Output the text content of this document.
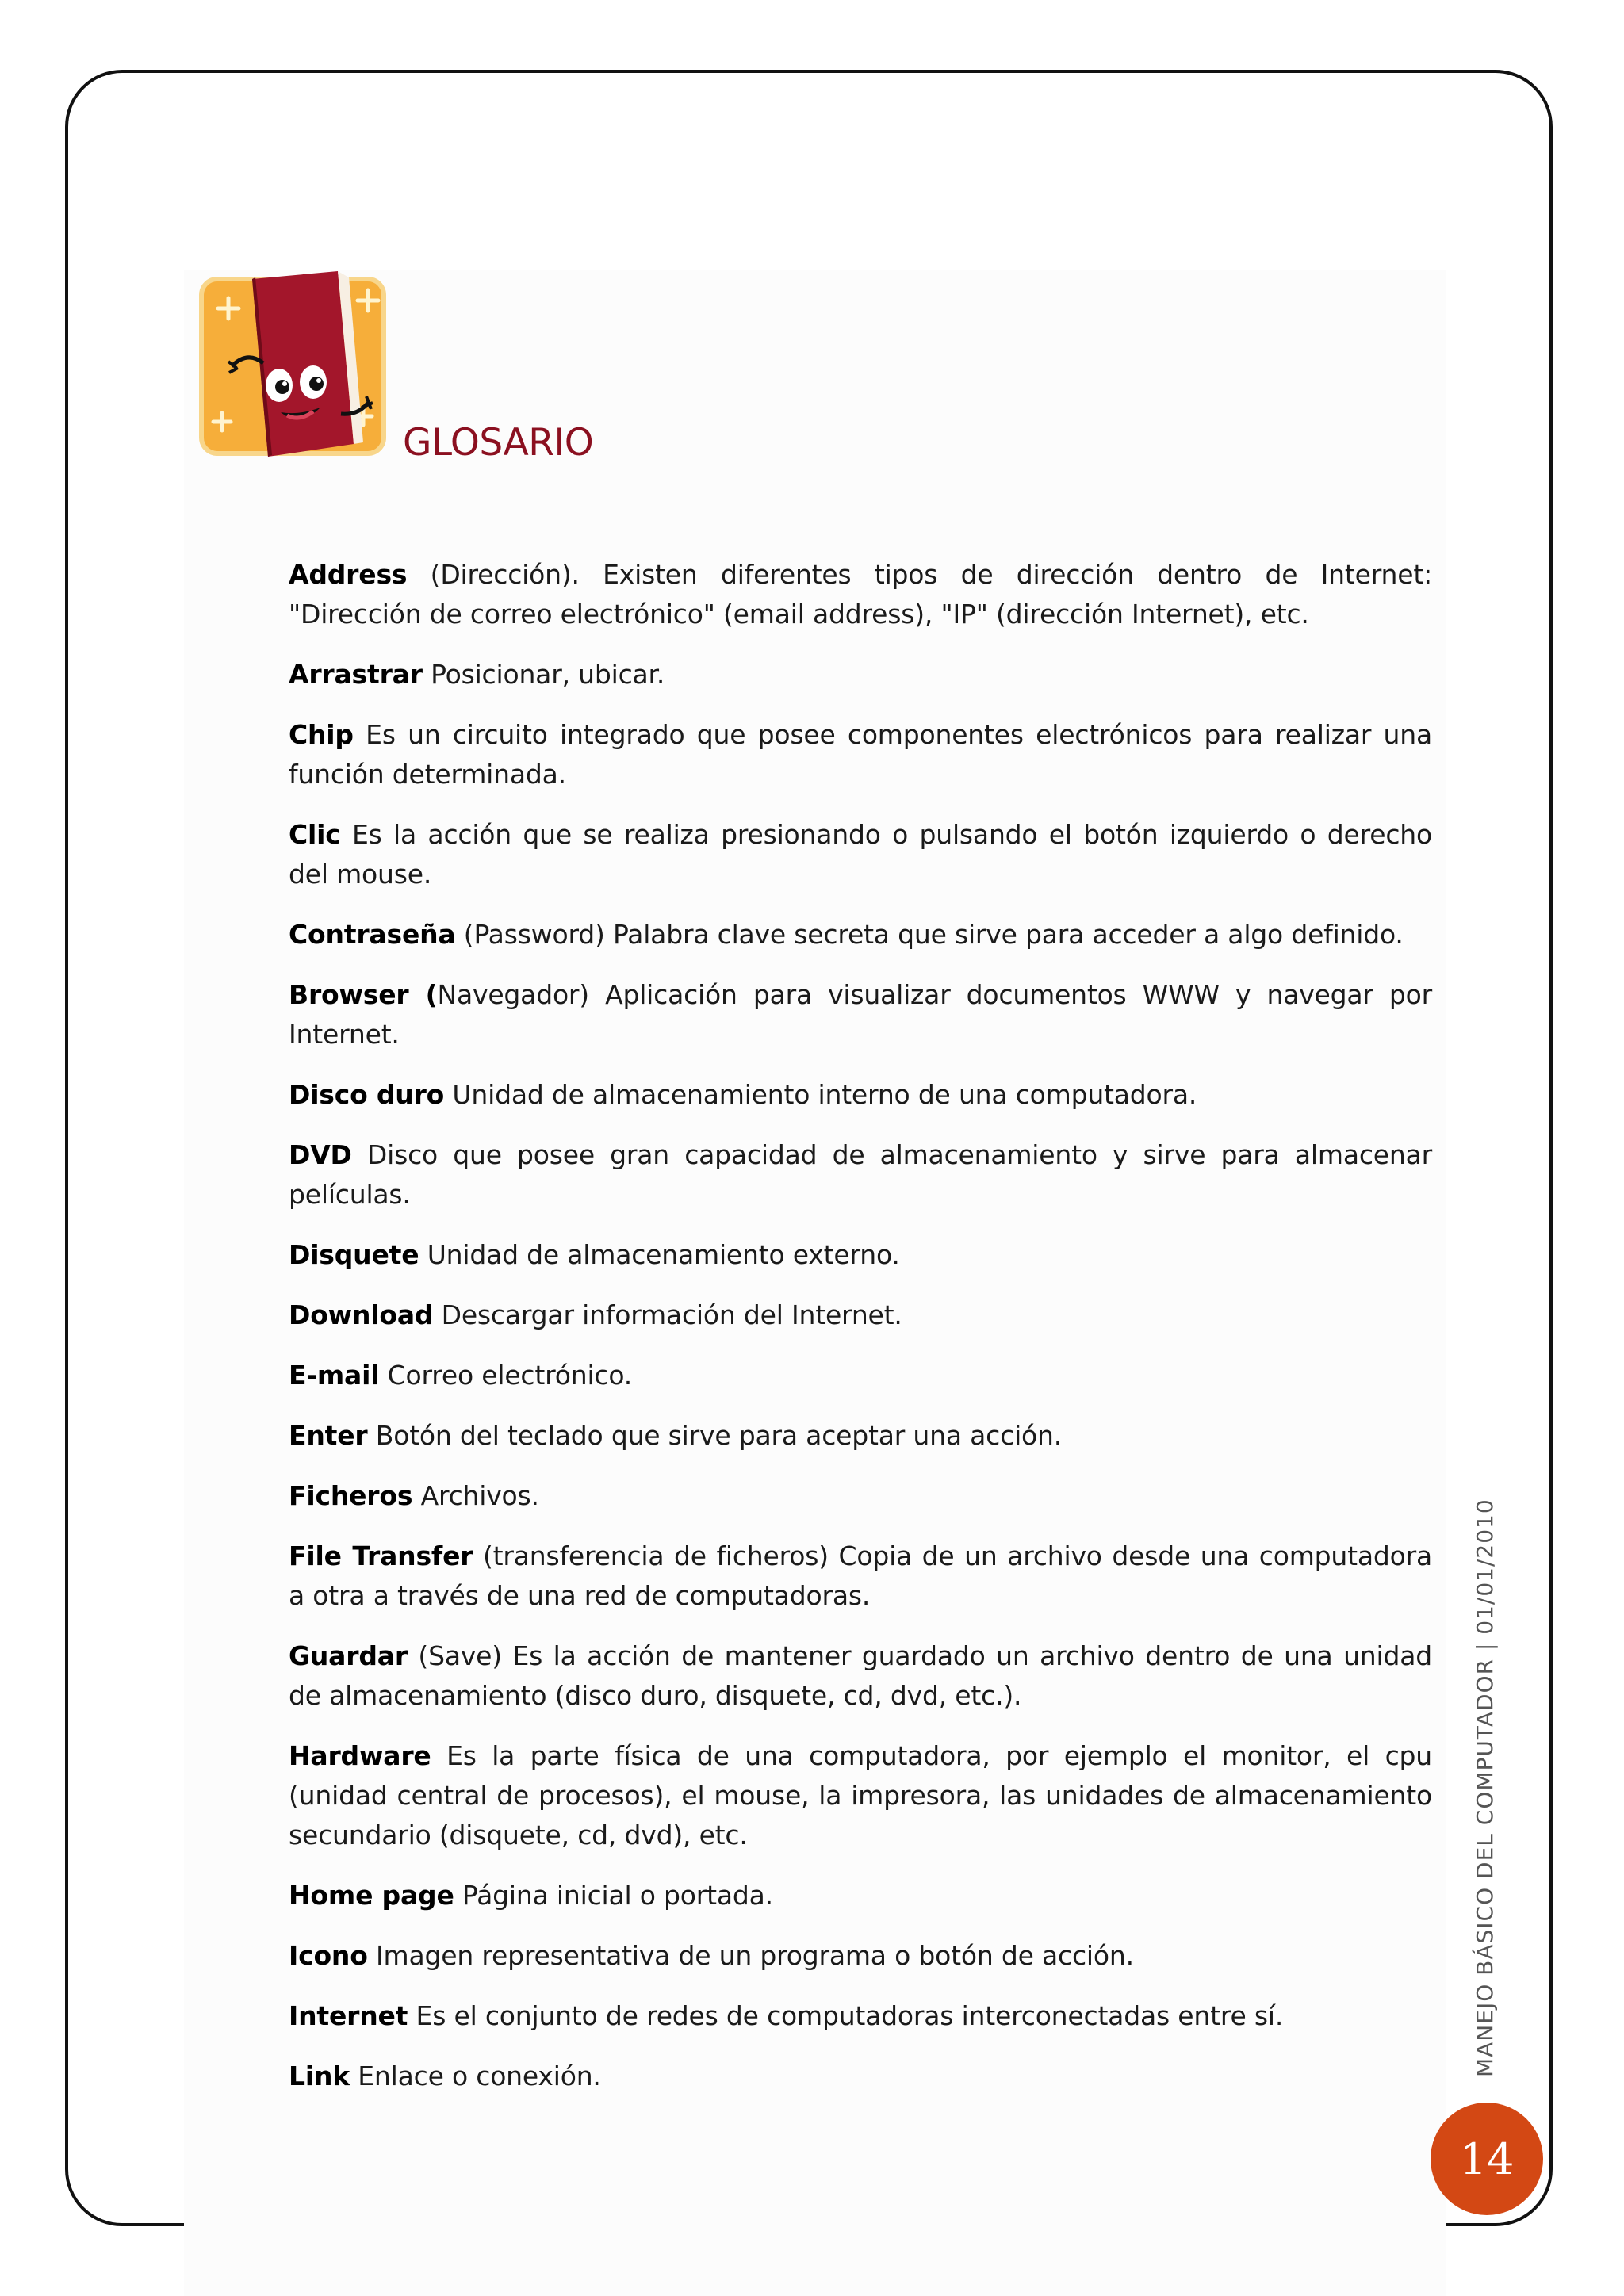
GLOSARIO
Address (Dirección). Existen diferentes tipos de dirección dentro de Internet: "Dirección de correo electrónico" (email address), "IP" (dirección Internet), etc.
Arrastrar Posicionar, ubicar.
Chip Es un circuito integrado que posee componentes electrónicos para realizar una función determinada.
Clic Es la acción que se realiza presionando o pulsando el botón izquierdo o derecho del mouse.
Contraseña (Password) Palabra clave secreta que sirve para acceder a algo definido.
Browser (Navegador) Aplicación para visualizar documentos WWW y navegar por Internet.
Disco duro Unidad de almacenamiento interno de una computadora.
DVD Disco que posee gran capacidad de almacenamiento y sirve para almacenar películas.
Disquete Unidad de almacenamiento externo.
Download Descargar información del Internet.
E-mail Correo electrónico.
Enter Botón del teclado que sirve para aceptar una acción.
Ficheros Archivos.
File Transfer (transferencia de ficheros) Copia de un archivo desde una computadora a otra a través de una red de computadoras.
Guardar (Save) Es la acción de mantener guardado un archivo dentro de una unidad de almacenamiento (disco duro, disquete, cd, dvd, etc.).
Hardware Es la parte física de una computadora, por ejemplo el monitor, el cpu (unidad central de procesos), el mouse, la impresora, las unidades de almacenamiento secundario (disquete, cd, dvd), etc.
Home page Página inicial o portada.
Icono Imagen representativa de un programa o botón de acción.
Internet Es el conjunto de redes de computadoras interconectadas entre sí.
Link Enlace o conexión.	MANEJO BÁSICO DEL COMPUTADOR | 01/01/2010
14
